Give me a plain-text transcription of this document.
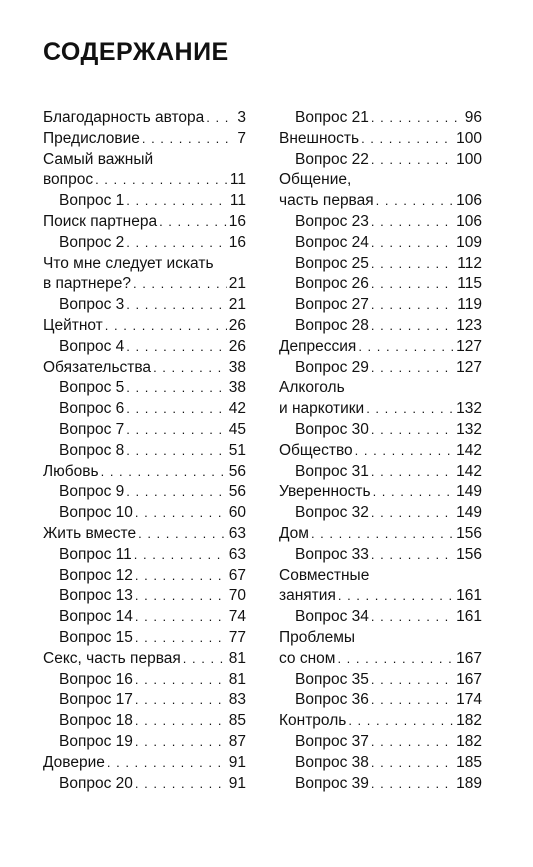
СОДЕРЖАНИЕ
Благодарность автора . . . 3
Предисловие . . .	7
Самый важный
вопрос . . .	11
Вопрос 1 . . .	11
Поиск партнера . . .	16
Вопрос 2 . . .	16
Что мне следует искать
в партнере? . . .	21
Вопрос 3 . . .	21
Цейтнот . . .	26
Вопрос 4 . . .	26
Обязательства . . .	38
Вопрос 5 . . .	38
Вопрос 6 . . .	42
Вопрос 7 . . .	45
Вопрос 8 . . .	51
Любовь . . .	56
Вопрос 9 . . .	56
Вопрос 10 . . .	60
Жить вместе . . .	63
Вопрос 11 . . .	63
Вопрос 12 . . .	67
Вопрос 13 . . .	70
Вопрос 14 . . .	74
Вопрос 15 . . .	77
Секс, часть первая . . .	81
Вопрос 16 . . .	81
Вопрос 17 . . .	83
Вопрос 18 . . .	85
Вопрос 19 . . .	87
Доверие . . .	91
Вопрос 20 . . .	91
Вопрос 21 . . .	96
Внешность . . .	100
Вопрос 22 . . .	100
Общение,
часть первая . . .	106
Вопрос 23 . . .	106
Вопрос 24 . . .	109
Вопрос 25 . . .	112
Вопрос 26 . . .	115
Вопрос 27 . . .	119
Вопрос 28 . . .	123
Депрессия . . .	127
Вопрос 29 . . .	127
Алкоголь
и наркотики . . .	132
Вопрос 30 . . .	132
Общество . . .	142
Вопрос 31 . . .	142
Уверенность . . .	149
Вопрос 32 . . .	149
Дом . . .	156
Вопрос 33 . . .	156
Совместные
занятия . . .	161
Вопрос 34 . . .	161
Проблемы
со сном . . .	167
Вопрос 35 . . .	167
Вопрос 36 . . .	174
Контроль . . .	182
Вопрос 37 . . .	182
Вопрос 38 . . .	185
Вопрос 39 . . .	189
